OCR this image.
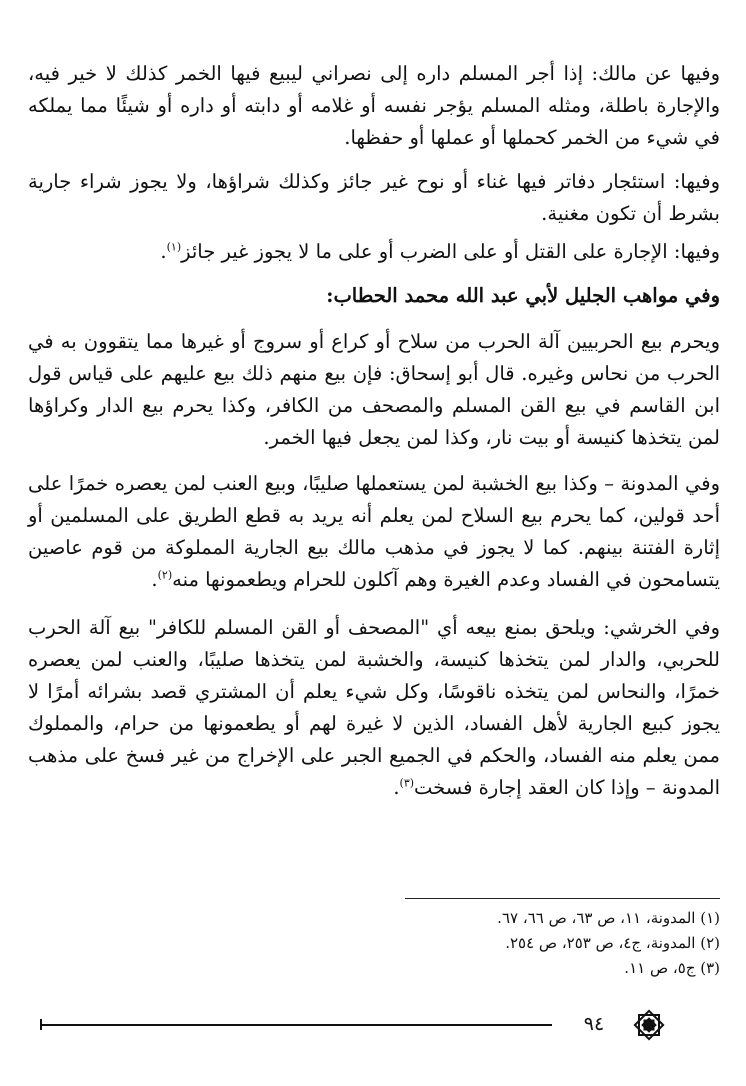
وفيها عن مالك: إذا أجر المسلم داره إلى نصراني ليبيع فيها الخمر كذلك لا خير فيه، والإجارة باطلة، ومثله المسلم يؤجر نفسه أو غلامه أو دابته أو داره أو شيئًا مما يملكه في شيء من الخمر كحملها أو عملها أو حفظها.

وفيها: استئجار دفاتر فيها غناء أو نوح غير جائز وكذلك شراؤها، ولا يجوز شراء جارية بشرط أن تكون مغنية.

وفيها: الإجارة على القتل أو على الضرب أو على ما لا يجوز غير جائز$^{(١)}$.

وفي مواهب الجليل لأبي عبد الله محمد الحطاب:

ويحرم بيع الحربيين آلة الحرب من سلاح أو كراع أو سروج أو غيرها مما يتقوون به في الحرب من نحاس وغيره. قال أبو إسحاق: فإن بيع منهم ذلك بيع عليهم على قياس قول ابن القاسم في بيع القن المسلم والمصحف من الكافر، وكذا يحرم بيع الدار وكراؤها لمن يتخذها كنيسة أو بيت نار، وكذا لمن يجعل فيها الخمر.

وفي المدونة – وكذا بيع الخشبة لمن يستعملها صليبًا، وبيع العنب لمن يعصره خمرًا على أحد قولين، كما يحرم بيع السلاح لمن يعلم أنه يريد به قطع الطريق على المسلمين أو إثارة الفتنة بينهم. كما لا يجوز في مذهب مالك بيع الجارية المملوكة من قوم عاصين يتسامحون في الفساد وعدم الغيرة وهم آكلون للحرام ويطعمونها منه$^{(٢)}$.

وفي الخرشي: ويلحق بمنع بيعه أي "المصحف أو القن المسلم للكافر" بيع آلة الحرب للحربي، والدار لمن يتخذها كنيسة، والخشبة لمن يتخذها صليبًا، والعنب لمن يعصره خمرًا، والنحاس لمن يتخذه ناقوسًا، وكل شيء يعلم أن المشتري قصد بشرائه أمرًا لا يجوز كبيع الجارية لأهل الفساد، الذين لا غيرة لهم أو يطعمونها من حرام، والمملوك ممن يعلم منه الفساد، والحكم في الجميع الجبر على الإخراج من غير فسخ على مذهب المدونة – وإذا كان العقد إجارة فسخت$^{(٣)}$.

(١) المدونة، ١١، ص ٦٣، ص ٦٦، ٦٧.

(٢) المدونة، ج٤، ص ٢٥٣، ص ٢٥٤.

(٣) ج٥، ص ١١.

٩٤
